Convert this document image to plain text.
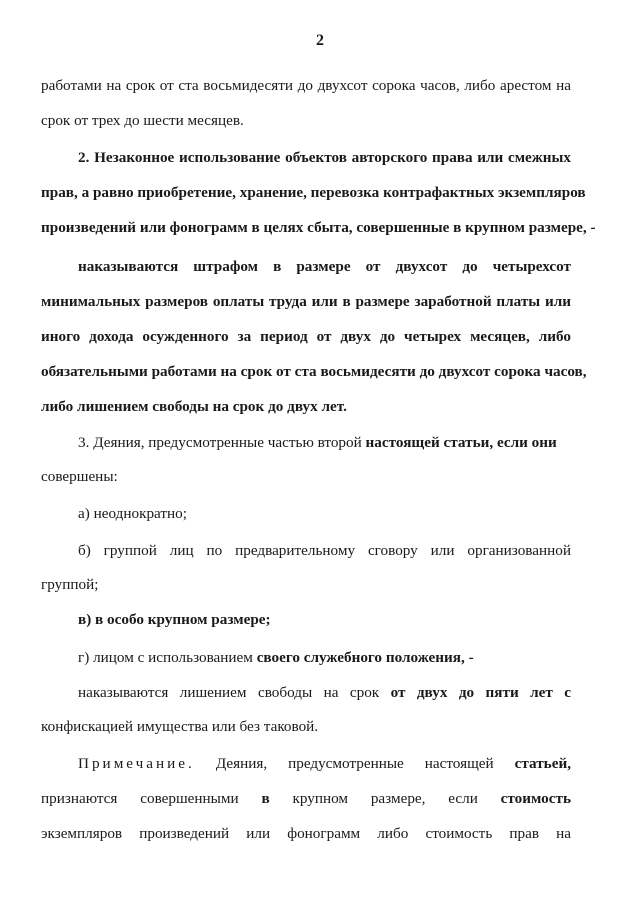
2
работами на срок от ста восьмидесяти до двухсот сорока часов, либо арестом на
срок от трех до шести месяцев.
2. Незаконное использование объектов авторского права или смежных
прав, а равно приобретение, хранение, перевозка контрафактных экземпляров
произведений или фонограмм в целях сбыта, совершенные в крупном размере, -
наказываются штрафом в размере от двухсот до четырехсот
минимальных размеров оплаты труда или в размере заработной платы или
иного дохода осужденного за период от двух до четырех месяцев, либо
обязательными работами на срок от ста восьмидесяти до двухсот сорока часов,
либо лишением свободы на срок до двух лет.
3. Деяния, предусмотренные частью второй настоящей статьи, если они
совершены:
а) неоднократно;
б) группой лиц по предварительному сговору или организованной
группой;
в) в особо крупном размере;
г) лицом с использованием своего служебного положения, -
наказываются лишением свободы на срок от двух до пяти лет с
конфискацией имущества или без таковой.
Примечание. Деяния, предусмотренные настоящей статьей,
признаются совершенными в крупном размере, если стоимость
экземпляров произведений или фонограмм либо стоимость прав на
